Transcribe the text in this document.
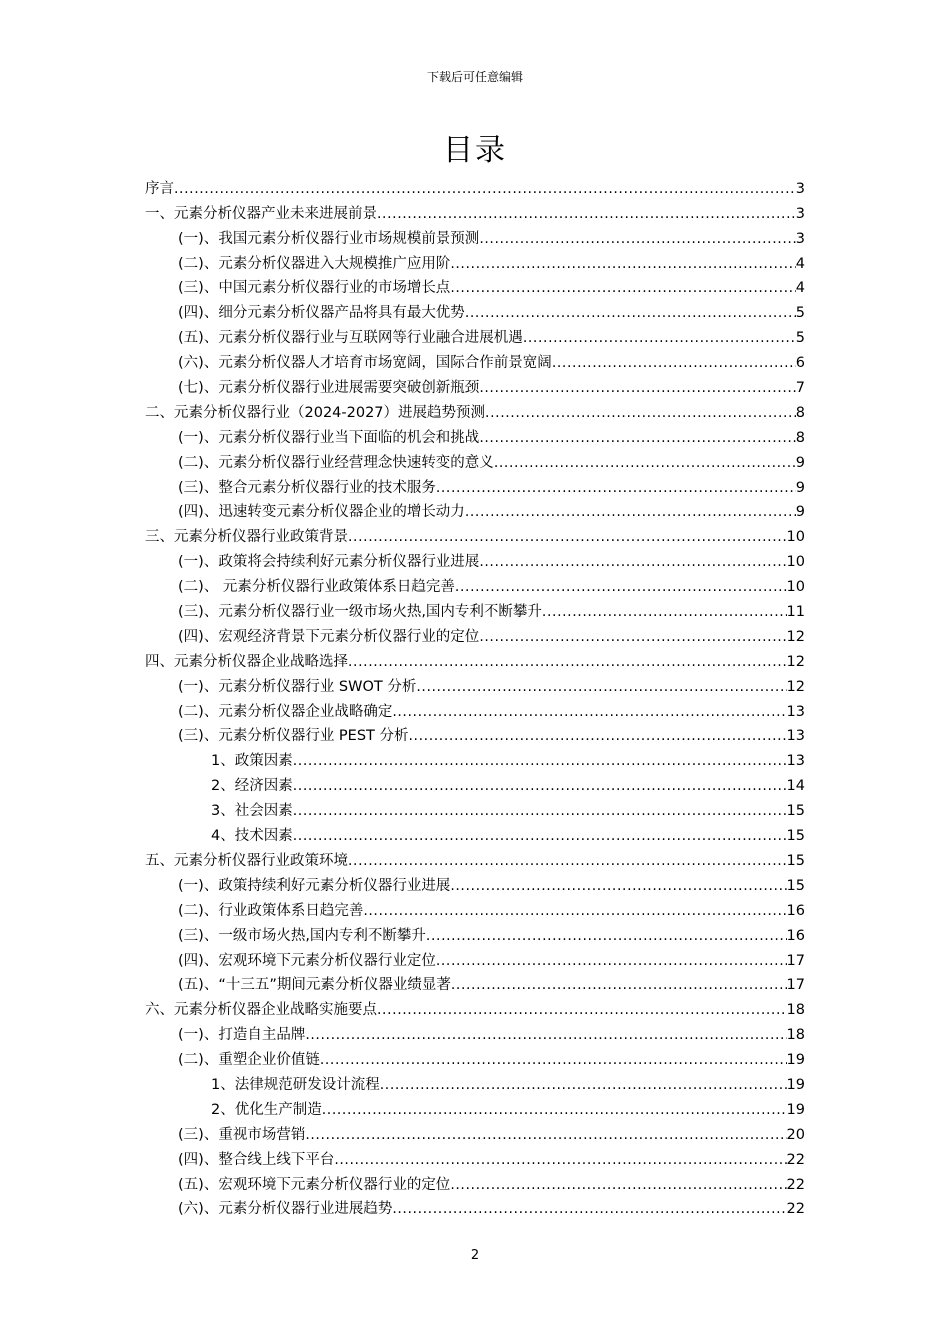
下载后可任意编辑
目录
序言 .....	3
一、元素分析仪器产业未来进展前景 .....	3
(一)、我国元素分析仪器行业市场规模前景预测 .....	3
(二)、元素分析仪器进入大规模推广应用阶 .....	4
(三)、中国元素分析仪器行业的市场增长点 .....	4
(四)、细分元素分析仪器产品将具有最大优势 .....	5
(五)、元素分析仪器行业与互联网等行业融合进展机遇 .....	5
(六)、元素分析仪器人才培育市场宽阔，国际合作前景宽阔 .....	6
(七)、元素分析仪器行业进展需要突破创新瓶颈 .....	7
二、元素分析仪器行业（2024-2027）进展趋势预测 .....	8
(一)、元素分析仪器行业当下面临的机会和挑战 .....	8
(二)、元素分析仪器行业经营理念快速转变的意义 .....	9
(三)、整合元素分析仪器行业的技术服务 .....	9
(四)、迅速转变元素分析仪器企业的增长动力 .....	9
三、元素分析仪器行业政策背景 .....	10
(一)、政策将会持续利好元素分析仪器行业进展 .....	10
(二)、 元素分析仪器行业政策体系日趋完善 .....	10
(三)、元素分析仪器行业一级市场火热,国内专利不断攀升 .....	11
(四)、宏观经济背景下元素分析仪器行业的定位 .....	12
四、元素分析仪器企业战略选择 .....	12
(一)、元素分析仪器行业 SWOT 分析 .....	12
(二)、元素分析仪器企业战略确定 .....	13
(三)、元素分析仪器行业 PEST 分析 .....	13
1、政策因素 .....	13
2、经济因素 .....	14
3、社会因素 .....	15
4、技术因素 .....	15
五、元素分析仪器行业政策环境 .....	15
(一)、政策持续利好元素分析仪器行业进展 .....	15
(二)、行业政策体系日趋完善 .....	16
(三)、一级市场火热,国内专利不断攀升 .....	16
(四)、宏观环境下元素分析仪器行业定位 .....	17
(五)、“十三五”期间元素分析仪器业绩显著 .....	17
六、元素分析仪器企业战略实施要点 .....	18
(一)、打造自主品牌 .....	18
(二)、重塑企业价值链 .....	19
1、法律规范研发设计流程 .....	19
2、优化生产制造 .....	19
(三)、重视市场营销 .....	20
(四)、整合线上线下平台 .....	22
(五)、宏观环境下元素分析仪器行业的定位 .....	22
(六)、元素分析仪器行业进展趋势 .....	22
2
